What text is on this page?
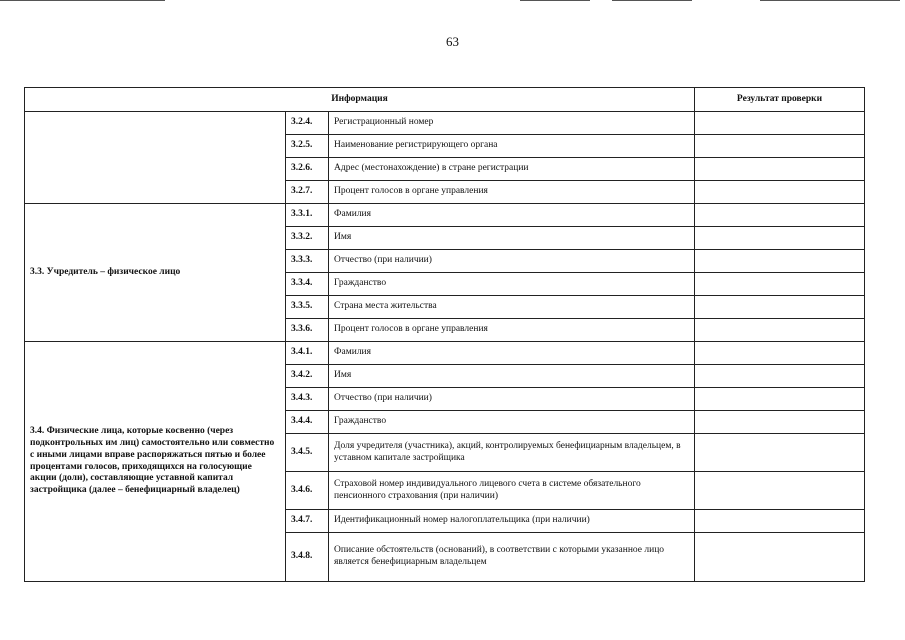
63
Информация			Результат проверки
	3.2.4.	Регистрационный номер	
	3.2.5.	Наименование регистрирующего органа	
	3.2.6.	Адрес (местонахождение) в стране регистрации	
	3.2.7.	Процент голосов в органе управления	
3.3. Учредитель – физическое лицо	3.3.1.	Фамилия	
	3.3.2.	Имя	
	3.3.3.	Отчество (при наличии)	
	3.3.4.	Гражданство	
	3.3.5.	Страна места жительства	
	3.3.6.	Процент голосов в органе управления	
3.4. Физические лица, которые косвенно (через подконтрольных им лиц) самостоятельно или совместно с иными лицами вправе распоряжаться пятью и более процентами голосов, приходящихся на голосующие акции (доли), составляющие уставной капитал застройщика (далее – бенефициарный владелец)	3.4.1.	Фамилия	
	3.4.2.	Имя	
	3.4.3.	Отчество (при наличии)	
	3.4.4.	Гражданство	
	3.4.5.	Доля учредителя (участника), акций, контролируемых бенефициарным владельцем, в уставном капитале застройщика	
	3.4.6.	Страховой номер индивидуального лицевого счета в системе обязательного пенсионного страхования (при наличии)	
	3.4.7.	Идентификационный номер налогоплательщика (при наличии)	
	3.4.8.	Описание обстоятельств (оснований), в соответствии с которыми указанное лицо является бенефициарным владельцем	
